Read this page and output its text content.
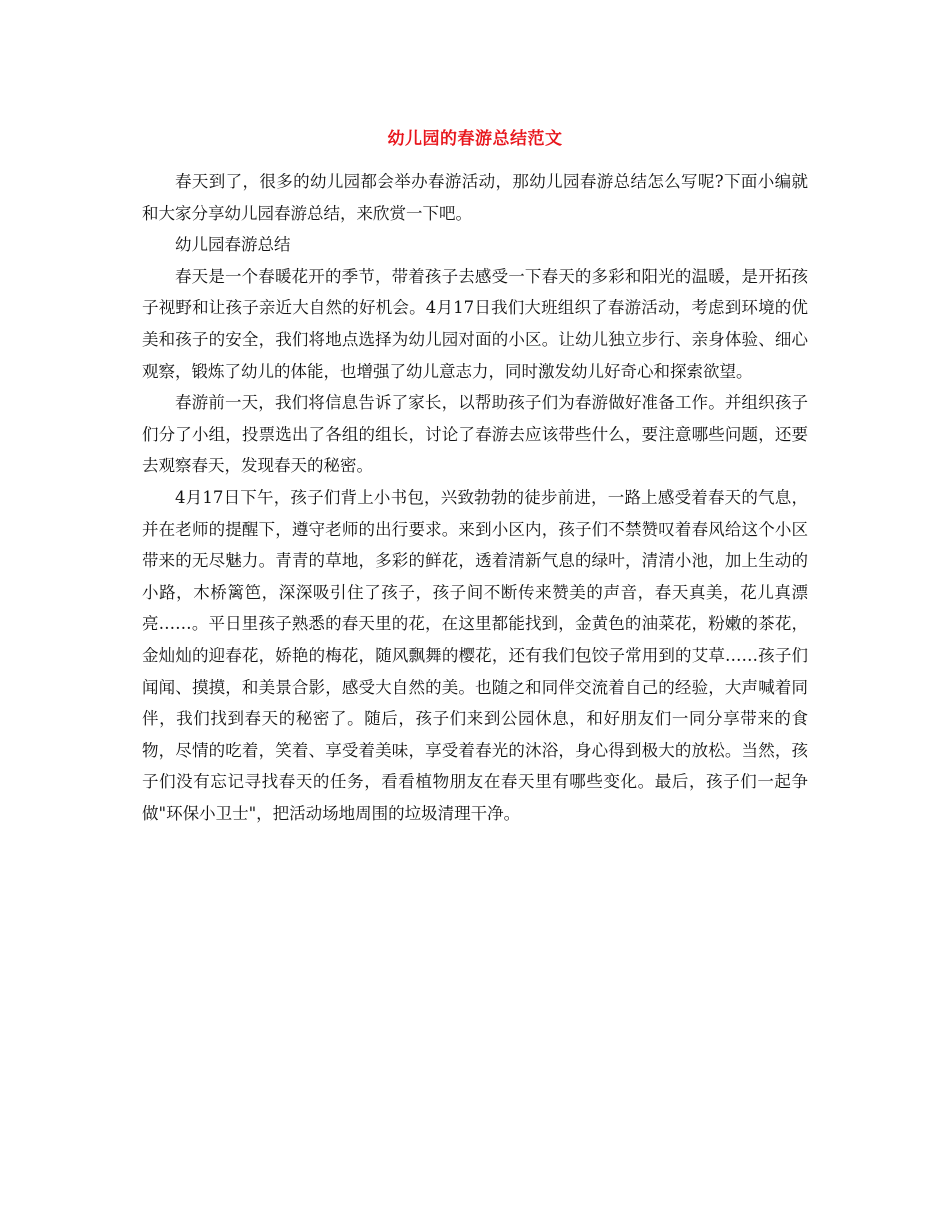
幼儿园的春游总结范文

春天到了，很多的幼儿园都会举办春游活动，那幼儿园春游总结怎么写呢?下面小编就和大家分享幼儿园春游总结，来欣赏一下吧。

幼儿园春游总结

春天是一个春暖花开的季节，带着孩子去感受一下春天的多彩和阳光的温暖，是开拓孩子视野和让孩子亲近大自然的好机会。4月17日我们大班组织了春游活动，考虑到环境的优美和孩子的安全，我们将地点选择为幼儿园对面的小区。让幼儿独立步行、亲身体验、细心观察，锻炼了幼儿的体能，也增强了幼儿意志力，同时激发幼儿好奇心和探索欲望。

春游前一天，我们将信息告诉了家长，以帮助孩子们为春游做好准备工作。并组织孩子们分了小组，投票选出了各组的组长，讨论了春游去应该带些什么，要注意哪些问题，还要去观察春天，发现春天的秘密。

4月17日下午，孩子们背上小书包，兴致勃勃的徒步前进，一路上感受着春天的气息，并在老师的提醒下，遵守老师的出行要求。来到小区内，孩子们不禁赞叹着春风给这个小区带来的无尽魅力。青青的草地，多彩的鲜花，透着清新气息的绿叶，清清小池，加上生动的小路，木桥篱笆，深深吸引住了孩子，孩子间不断传来赞美的声音，春天真美，花儿真漂亮……。平日里孩子熟悉的春天里的花，在这里都能找到，金黄色的油菜花，粉嫩的茶花，金灿灿的迎春花，娇艳的梅花，随风飘舞的樱花，还有我们包饺子常用到的艾草……孩子们闻闻、摸摸，和美景合影，感受大自然的美。也随之和同伴交流着自己的经验，大声喊着同伴，我们找到春天的秘密了。随后，孩子们来到公园休息，和好朋友们一同分享带来的食物，尽情的吃着，笑着、享受着美味，享受着春光的沐浴，身心得到极大的放松。当然，孩子们没有忘记寻找春天的任务，看看植物朋友在春天里有哪些变化。最后，孩子们一起争做"环保小卫士"，把活动场地周围的垃圾清理干净。
